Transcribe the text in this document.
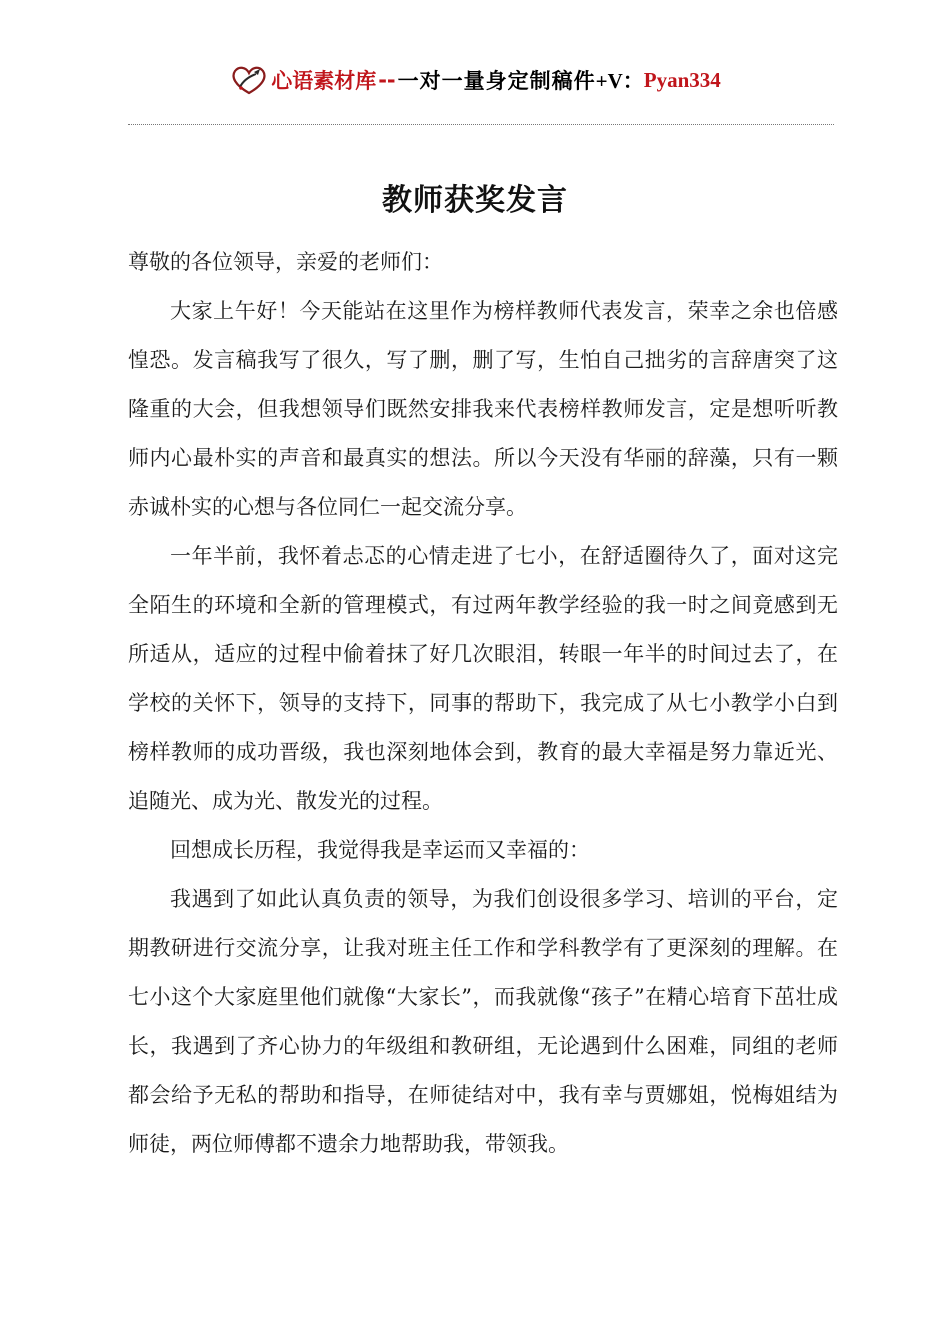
心语素材库 -- 一对一量身定制稿件 +V： Pyan334
教师获奖发言

尊敬的各位领导，亲爱的老师们：

大家上午好！今天能站在这里作为榜样教师代表发言，荣幸之余也倍感惶恐。发言稿我写了很久，写了删，删了写，生怕自己拙劣的言辞唐突了这隆重的大会，但我想领导们既然安排我来代表榜样教师发言，定是想听听教师内心最朴实的声音和最真实的想法。所以今天没有华丽的辞藻，只有一颗赤诚朴实的心想与各位同仁一起交流分享。

一年半前，我怀着忐忑的心情走进了七小，在舒适圈待久了，面对这完全陌生的环境和全新的管理模式，有过两年教学经验的我一时之间竟感到无所适从，适应的过程中偷着抹了好几次眼泪，转眼一年半的时间过去了，在学校的关怀下，领导的支持下，同事的帮助下，我完成了从七小教学小白到榜样教师的成功晋级，我也深刻地体会到，教育的最大幸福是努力靠近光、追随光、成为光、散发光的过程。

回想成长历程，我觉得我是幸运而又幸福的：

我遇到了如此认真负责的领导，为我们创设很多学习、培训的平台，定期教研进行交流分享，让我对班主任工作和学科教学有了更深刻的理解。在七小这个大家庭里他们就像“大家长”，而我就像“孩子”在精心培育下茁壮成长，我遇到了齐心协力的年级组和教研组，无论遇到什么困难，同组的老师都会给予无私的帮助和指导，在师徒结对中，我有幸与贾娜姐，悦梅姐结为师徒，两位师傅都不遗余力地帮助我，带领我。
